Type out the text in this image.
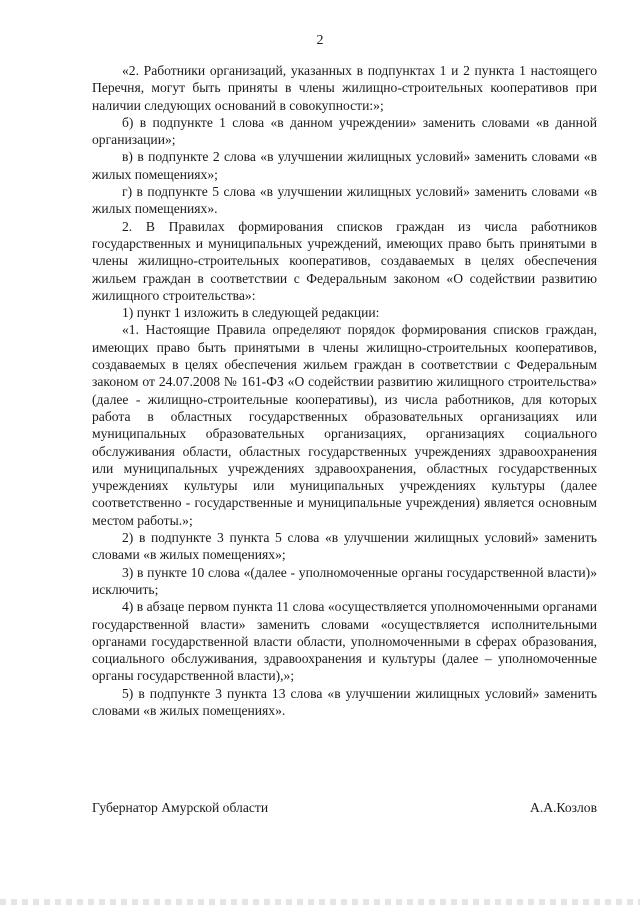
2

«2. Работники организаций, указанных в подпунктах 1 и 2 пункта 1 настоящего Перечня, могут быть приняты в члены жилищно-строительных кооперативов при наличии следующих оснований в совокупности:»;

б) в подпункте 1 слова «в данном учреждении» заменить словами «в данной организации»;

в) в подпункте 2 слова «в улучшении жилищных условий» заменить словами «в жилых помещениях»;

г) в подпункте 5 слова «в улучшении жилищных условий» заменить словами «в жилых помещениях».

2. В Правилах формирования списков граждан из числа работников государственных и муниципальных учреждений, имеющих право быть принятыми в члены жилищно-строительных кооперативов, создаваемых в целях обеспечения жильем граждан в соответствии с Федеральным законом «О содействии развитию жилищного строительства»:

1) пункт 1 изложить в следующей редакции:

«1. Настоящие Правила определяют порядок формирования списков граждан, имеющих право быть принятыми в члены жилищно-строительных кооперативов, создаваемых в целях обеспечения жильем граждан в соответствии с Федеральным законом от 24.07.2008 № 161-ФЗ «О содействии развитию жилищного строительства» (далее - жилищно-строительные кооперативы), из числа работников, для которых работа в областных государственных образовательных организациях или муниципальных образовательных организациях, организациях социального обслуживания области, областных государственных учреждениях здравоохранения или муниципальных учреждениях здравоохранения, областных государственных учреждениях культуры или муниципальных учреждениях культуры (далее соответственно - государственные и муниципальные учреждения) является основным местом работы.»;

2) в подпункте 3 пункта 5 слова «в улучшении жилищных условий» заменить словами «в жилых помещениях»;

3) в пункте 10 слова «(далее - уполномоченные органы государственной власти)» исключить;

4) в абзаце первом пункта 11 слова «осуществляется уполномоченными органами государственной власти» заменить словами «осуществляется исполнительными органами государственной власти области, уполномоченными в сферах образования, социального обслуживания, здравоохранения и культуры (далее – уполномоченные органы государственной власти),»;

5) в подпункте 3 пункта 13 слова «в улучшении жилищных условий» заменить словами «в жилых помещениях».

Губернатор Амурской области	А.А.Козлов
